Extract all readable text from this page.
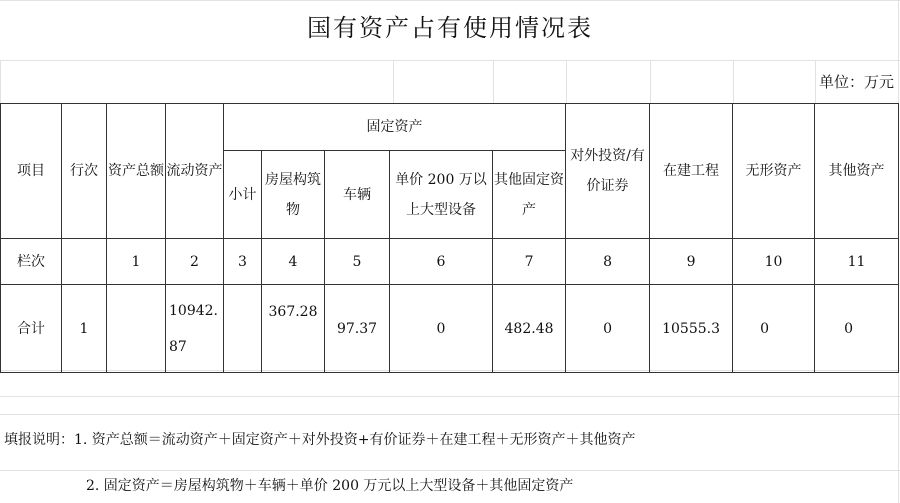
国有资产占有使用情况表
单位：万元
项目	行次	资产总额	流动资产	固定资产					对外投资/有价证券	在建工程	无形资产	其他资产
				小计	房屋构筑物	车辆	单价 200 万以上大型设备	其他固定资产				
栏次		1	2	3	4	5	6	7	8	9	10	11
合计	1		10942.87		367.28	97.37	0	482.48	0	10555.3	0	0
填报说明：1. 资产总额＝流动资产＋固定资产＋对外投资+有价证券＋在建工程＋无形资产＋其他资产
2. 固定资产＝房屋构筑物＋车辆＋单价 200 万元以上大型设备＋其他固定资产
